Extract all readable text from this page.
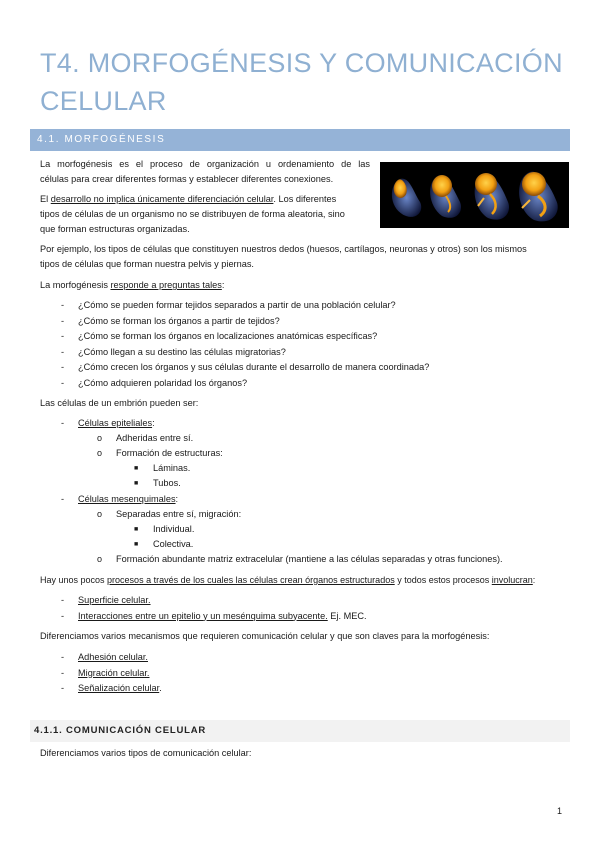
T4. MORFOGÉNESIS Y COMUNICACIÓN CELULAR
4.1. MORFOGÉNESIS
La morfogénesis es el proceso de organización u ordenamiento de las
células para crear diferentes formas y establecer diferentes conexiones.
El desarrollo no implica únicamente diferenciación celular. Los diferentes
tipos de células de un organismo no se distribuyen de forma aleatoria, sino
que forman estructuras organizadas.
Por ejemplo, los tipos de células que constituyen nuestros dedos (huesos, cartílagos, neuronas y otros) son los mismos
tipos de células que forman nuestra pelvis y piernas.
La morfogénesis responde a preguntas tales:
- ¿Cómo se pueden formar tejidos separados a partir de una población celular?
- ¿Cómo se forman los órganos a partir de tejidos?
- ¿Cómo se forman los órganos en localizaciones anatómicas específicas?
- ¿Cómo llegan a su destino las células migratorias?
- ¿Cómo crecen los órganos y sus células durante el desarrollo de manera coordinada?
- ¿Cómo adquieren polaridad los órganos?
Las células de un embrión pueden ser:
- Células epiteliales:
o Adheridas entre sí.
o Formación de estructuras:
■ Láminas.
■ Tubos.
- Células mesenquimales:
o Separadas entre sí, migración:
■ Individual.
■ Colectiva.
o Formación abundante matriz extracelular (mantiene a las células separadas y otras funciones).
Hay unos pocos procesos a través de los cuales las células crean órganos estructurados y todos estos procesos involucran:
- Superficie celular.
- Interacciones entre un epitelio y un mesénquima subyacente. Ej. MEC.
Diferenciamos varios mecanismos que requieren comunicación celular y que son claves para la morfogénesis:
- Adhesión celular.
- Migración celular.
- Señalización celular.
4.1.1. COMUNICACIÓN CELULAR
Diferenciamos varios tipos de comunicación celular:
1
